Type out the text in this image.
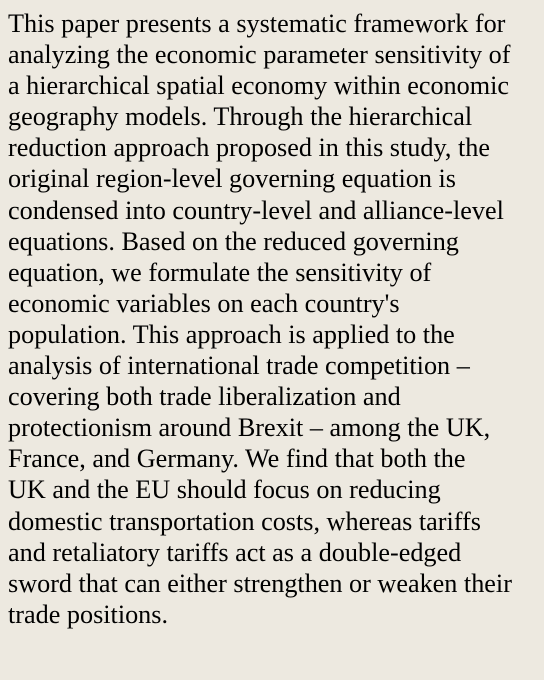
This paper presents a systematic framework for
analyzing the economic parameter sensitivity of
a hierarchical spatial economy within economic
geography models. Through the hierarchical
reduction approach proposed in this study, the
original region-level governing equation is
condensed into country-level and alliance-level
equations. Based on the reduced governing
equation, we formulate the sensitivity of
economic variables on each country's
population. This approach is applied to the
analysis of international trade competition –
covering both trade liberalization and
protectionism around Brexit – among the UK,
France, and Germany. We find that both the
UK and the EU should focus on reducing
domestic transportation costs, whereas tariffs
and retaliatory tariffs act as a double-edged
sword that can either strengthen or weaken their
trade positions.
